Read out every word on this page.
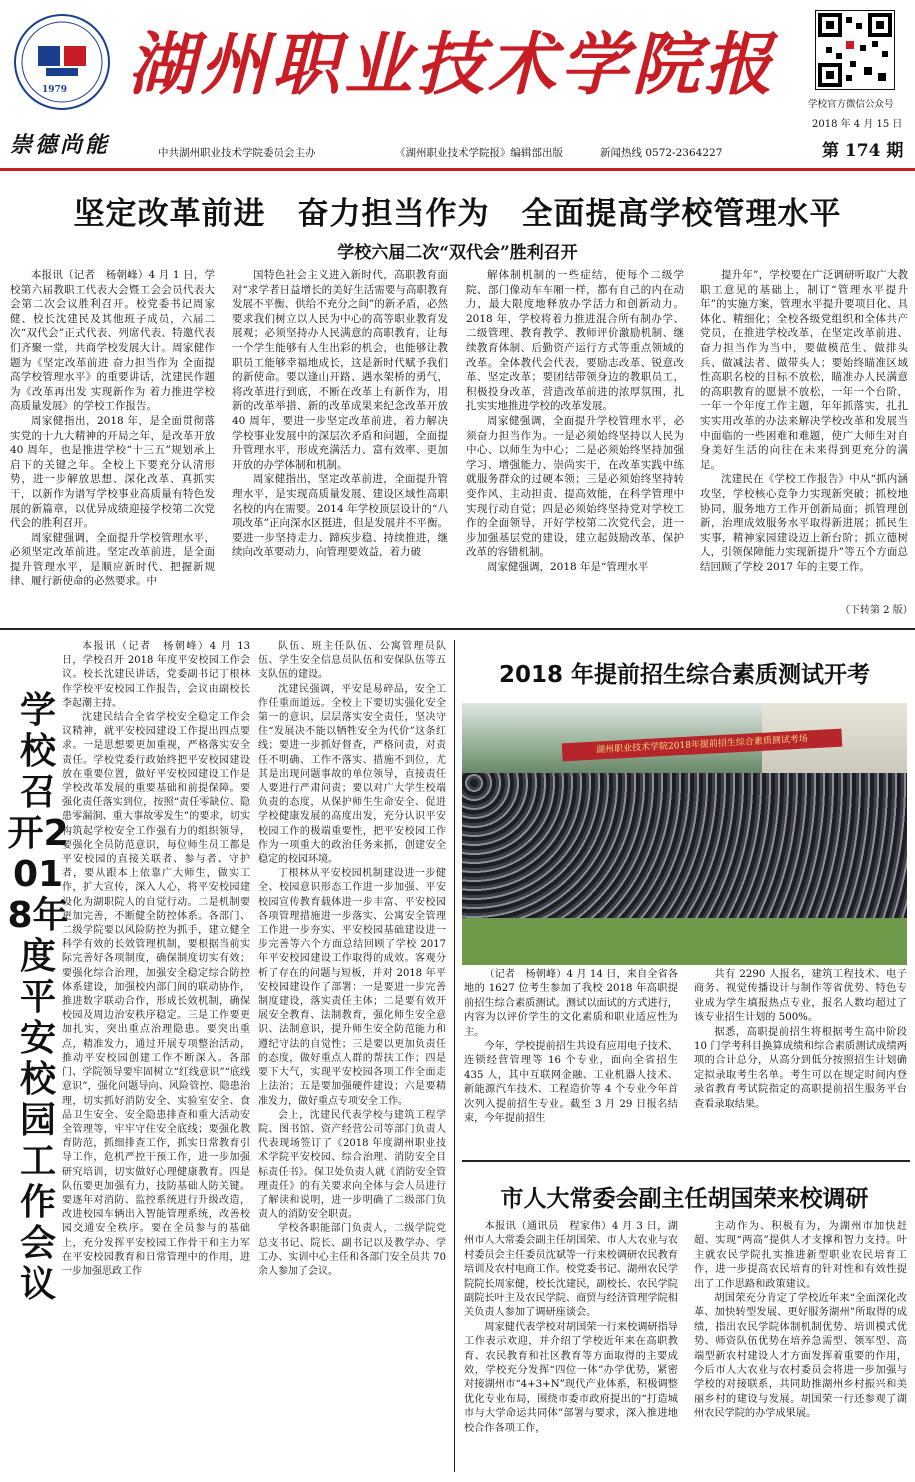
1979 湖州职业技术学院报	学校官方微信公众号
崇德尚能
2018 年 4 月 15 日
第 174 期
中共湖州职业技术学院委员会主办	《湖州职业技术学院报》编辑部出版	新闻热线 0572-2364227
坚定改革前进　奋力担当作为　全面提高学校管理水平
学校六届二次“双代会”胜利召开

本报讯（记者　杨朝峰）4 月 1 日，学校第六届教职工代表大会暨工会会员代表大会第二次会议胜利召开。校党委书记周家健、校长沈建民及其他班子成员，六届二次“双代会”正式代表、列席代表、特邀代表们齐聚一堂，共商学校发展大计。周家健作题为《坚定改革前进 奋力担当作为 全面提高学校管理水平》的重要讲话，沈建民作题为《改革再出发 实现新作为 着力推进学校高质量发展》的学校工作报告。

周家健指出，2018 年，是全面贯彻落实党的十九大精神的开局之年，是改革开放 40 周年，也是推进学校“十三五”规划承上启下的关键之年。全校上下要充分认清形势，进一步解放思想、深化改革、真抓实干，以新作为谱写学校事业高质量有特色发展的新篇章，以优异成绩迎接学校第二次党代会的胜利召开。

周家健强调，全面提升学校管理水平，必须坚定改革前进。坚定改革前进，是全面提升管理水平，是顺应新时代、把握新规律、履行新使命的必然要求。中

国特色社会主义进入新时代，高职教育面对“求学者日益增长的美好生活需要与高职教育发展不平衡、供给不充分之间”的新矛盾，必然要求我们树立以人民为中心的高等职业教育发展观；必须坚持办人民满意的高职教育，让每一个学生能够有人生出彩的机会，也能够让教职员工能够幸福地成长，这是新时代赋予我们的新使命。要以逢山开路、遇水架桥的勇气，将改革进行到底，不断在改革上有新作为，用新的改革举措、新的改革成果来纪念改革开放 40 周年，要进一步坚定改革前进，着力解决学校事业发展中的深层次矛盾和问题，全面提升管理水平，形成充满活力、富有效率、更加开放的办学体制和机制。

周家健指出，坚定改革前进，全面提升管理水平，是实现高质量发展、建设区域性高职名校的内在需要。2014 年学校顶层设计的“八项改革”正向深水区挺进，但是发展并不平衡。要进一步坚持走力、蹄疾步稳、持续推进，继续向改革要动力，向管理要效益，着力破

解体制机制的一些症结，使每个二级学院、部门像动车车厢一样，都有自己的内在动力，最大限度地释放办学活力和创新动力。2018 年，学校将着力推进混合所有制办学、二级管理、教育教学、教师评价激励机制、继续教育体制、后勤资产运行方式等重点领域的改革。全体教代会代表，要励志改革、锐意改革、坚定改革；要团结带领身边的教职员工，积极投身改革，营造改革前进的浓厚氛围，扎扎实实地推进学校的改革发展。

周家健强调，全面提升学校管理水平，必须奋力担当作为。一是必须始终坚持以人民为中心、以师生为中心；二是必须始终坚持加强学习、增强能力、崇尚实干，在改革实践中练就服务群众的过硬本领；三是必须始终坚持转变作风、主动担责、提高效能，在科学管理中实现行动自觉；四是必须始终坚持党对学校工作的全面领导，开好学校第二次党代会，进一步加强基层党的建设，建立起鼓励改革、保护改革的容错机制。

周家健强调，2018 年是“管理水平

提升年”，学校要在广泛调研听取广大教职工意见的基础上，制订“管理水平提升年”的实施方案，管理水平提升要项目化、具体化、精细化；全校各级党组织和全体共产党员，在推进学校改革，在坚定改革前进、奋力担当作为当中，要做模范生、做排头兵、做减法者、做带头人；要始终瞄准区域性高职名校的目标不放松，瞄准办人民满意的高职教育的愿景不放松，一年一个台阶，一年一个年度工作主题，年年抓落实，扎扎实实用改革的办法来解决学校改革和发展当中面临的一些困难和难题，使广大师生对自身美好生活的向往在未来得到更充分的满足。

沈建民在《学校工作报告》中从“抓内涵攻坚，学校核心竞争力实现新突破；抓校地协同，服务地方工作开创新局面；抓管理创新，治理成效服务水平取得新进展；抓民生实事，精神家园建设迈上新台阶；抓立德树人，引领保障能力实现新提升”等五个方面总结回顾了学校 2017 年的主要工作。

（下转第 2 版）
学校召开2018年度平安校园工作会议

本报讯（记者　杨朝峰）4 月 13 日，学校召开 2018 年度平安校园工作会议。校长沈建民讲话，党委副书记丁根林作学校平安校园工作报告，会议由副校长李起潮主持。

沈建民结合全省学校安全稳定工作会议精神，就平安校园建设工作提出四点要求。一是思想要更加重视，严格落实安全责任。学校党委行政始终把平安校园建设放在重要位置，做好平安校园建设工作是学校改革发展的重要基础和前提保障。要强化责任落实到位，按照“责任零缺位、隐患零漏洞、重大事故零发生”的要求，切实构筑起学校安全工作强有力的组织领导，要强化全员防范意识，每位师生员工都是平安校园的直接关联者、参与者、守护者，要从跟本上依靠广大师生，做实工作，扩大宣传，深入人心，将平安校园建设化为湖职院人的自觉行动。二是机制要更加完善，不断健全防控体系。各部门、二级学院要以风险防控为抓手，建立健全科学有效的长效管理机制，要根据当前实际完善好各项制度，确保制度切实有效；要强化综合治理，加强安全稳定综合防控体系建设，加强校内部门间的联动协作，推进数字联动合作，形成长效机制，确保校园及周边治安秩序稳定。三是工作要更加扎实，突出重点治理隐患。要突出重点，精准发力，通过开展专项整治活动，推动平安校园创建工作不断深入。各部门、学院领导要牢固树立“红线意识”“底线意识”，强化问题导向、风险管控、隐患治理，切实抓好消防安全、实验室安全、食品卫生安全、安全隐患排查和重大活动安全管理等，牢牢守住安全底线；要强化教育防范，抓细排查工作，抓实日常教育引导工作，危机严控干预工作，进一步加强研究培训，切实做好心理健康教育。四是队伍要更加强有力，技防基础人防关键。要逐年对消防、监控系统进行升级改造，改进校园车辆出入智能管理系统，改善校园交通安全秩序。要在全员参与的基础上，充分发挥平安校园工作骨干和主力军在平安校园教育和日常管理中的作用，进一步加强思政工作

队伍、班主任队伍、公寓管理员队伍、学生安全信息员队伍和安保队伍等五支队伍的建设。

沈建民强调，平安是易碎品，安全工作任重而道远。全校上下要切实强化安全第一的意识，层层落实安全责任，坚决守住“发展决不能以牺牲安全为代价”这条红线；要进一步抓好督查，严格问责，对责任不明确、工作不落实、措施不到位，尤其是出现问题事故的单位领导，直接责任人要进行严肃问责；要以对广大学生校端负责的态度，从保护师生生命安全、促进学校健康发展的高度出发，充分认识平安校园工作的极端重要性，把平安校园工作作为一项重大的政治任务来抓，创建安全稳定的校园环境。

丁根林从平安校园机制建设进一步健全、校园意识形态工作进一步加强、平安校园宣传教育载体进一步丰富、平安校园各项管理措施进一步落实、公寓安全管理工作进一步夯实、平安校园基础建设进一步完善等六个方面总结回顾了学校 2017 年平安校园建设工作取得的成效。客观分析了存在的问题与短板，并对 2018 年平安校园建设作了部署：一是要进一步完善制度建设，落实责任主体；二是要有效开展安全教育、法制教育，强化师生安全意识、法制意识，提升师生安全防范能力和遵纪守法的自觉性；三是要以更加负责任的态度，做好重点人群的帮扶工作；四是要下大气，实现平安校园各项工作全面走上法治；五是要加强硬件建设；六是要精准发力，做好重点专项安全工作。

会上，沈建民代表学校与建筑工程学院、图书馆、资产经营公司等部门负责人代表现场签订了《2018 年度湖州职业技术学院平安校园、综合治理、消防安全目标责任书》。保卫处负责人就《消防安全管理责任》的有关要求向全体与会人员进行了解读和说明，进一步明确了二级部门负责人的消防安全职责。

学校各职能部门负责人，二级学院党总支书记、院长、副书记以及教学办、学工办、实训中心主任和各部门安全员共 70 余人参加了会议。

2018 年提前招生综合素质测试开考
湖州职业技术学院2018年提前招生综合素质测试考场

（记者　杨朝峰）4 月 14 日，来自全省各地的 1627 位考生参加了我校 2018 年高职提前招生综合素质测试。测试以面试的方式进行，内容为以评价学生的文化素质和职业适应性为主。

今年，学校提前招生共设有应用电子技术、连锁经营管理等 16 个专业，面向全省招生 435 人，其中互联网金融、工业机器人技术、新能源汽车技术、工程造价等 4 个专业今年首次列入提前招生专业。截至 3 月 29 日报名结束，今年提前招生

共有 2290 人报名，建筑工程技术、电子商务、视觉传播设计与制作等省优势、特色专业成为学生填报热点专业，报名人数均超过了该专业招生计划的 500%。

据悉，高职提前招生将根据考生高中阶段 10 门学考科目换算成绩和综合素质测试成绩两项的合计总分，从高分到低分按照招生计划确定拟录取考生名单。考生可以在规定时间内登录省教育考试院指定的高职提前招生服务平台查看录取结果。

市人大常委会副主任胡国荣来校调研

本报讯（通讯员　程家伟）4 月 3 日，湖州市人大常委会副主任胡国荣、市人大农业与农村委员会主任委员沈斌等一行来校调研农民教育培训及农村电商工作。校党委书记、湖州农民学院院长周家健，校长沈建民，副校长、农民学院副院长叶主及农民学院、商贸与经济管理学院相关负责人参加了调研座谈会。

周家健代表学校对胡国荣一行来校调研指导工作表示欢迎，并介绍了学校近年来在高职教育、农民教育和社区教育等方面取得的主要成效，学校充分发挥“四位一体”办学优势，紧密对接湖州市“4+3+N”现代产业体系，积极调整优化专业布局，围绕市委市政府提出的“打造城市与大学命运共同体”部署与要求，深入推进地校合作各项工作，

主动作为、积极有为，为湖州市加快赶超、实现“两高”提供人才支撑和智力支持。叶主就农民学院扎实推进新型职业农民培育工作，进一步提高农民培育的针对性和有效性提出了工作思路和政策建议。

胡国荣充分肯定了学校近年来“全面深化改革、加快转型发展、更好服务湖州”所取得的成绩，指出农民学院体制机制优势、培训模式优势、师资队伍优势在培养急需型、领军型、高端型新农村建设人才方面发挥着重要的作用，今后市人大农业与农村委员会将进一步加强与学校的对接联系，共同助推湖州乡村振兴和美丽乡村的建设与发展。胡国荣一行还参观了湖州农民学院的办学成果展。
